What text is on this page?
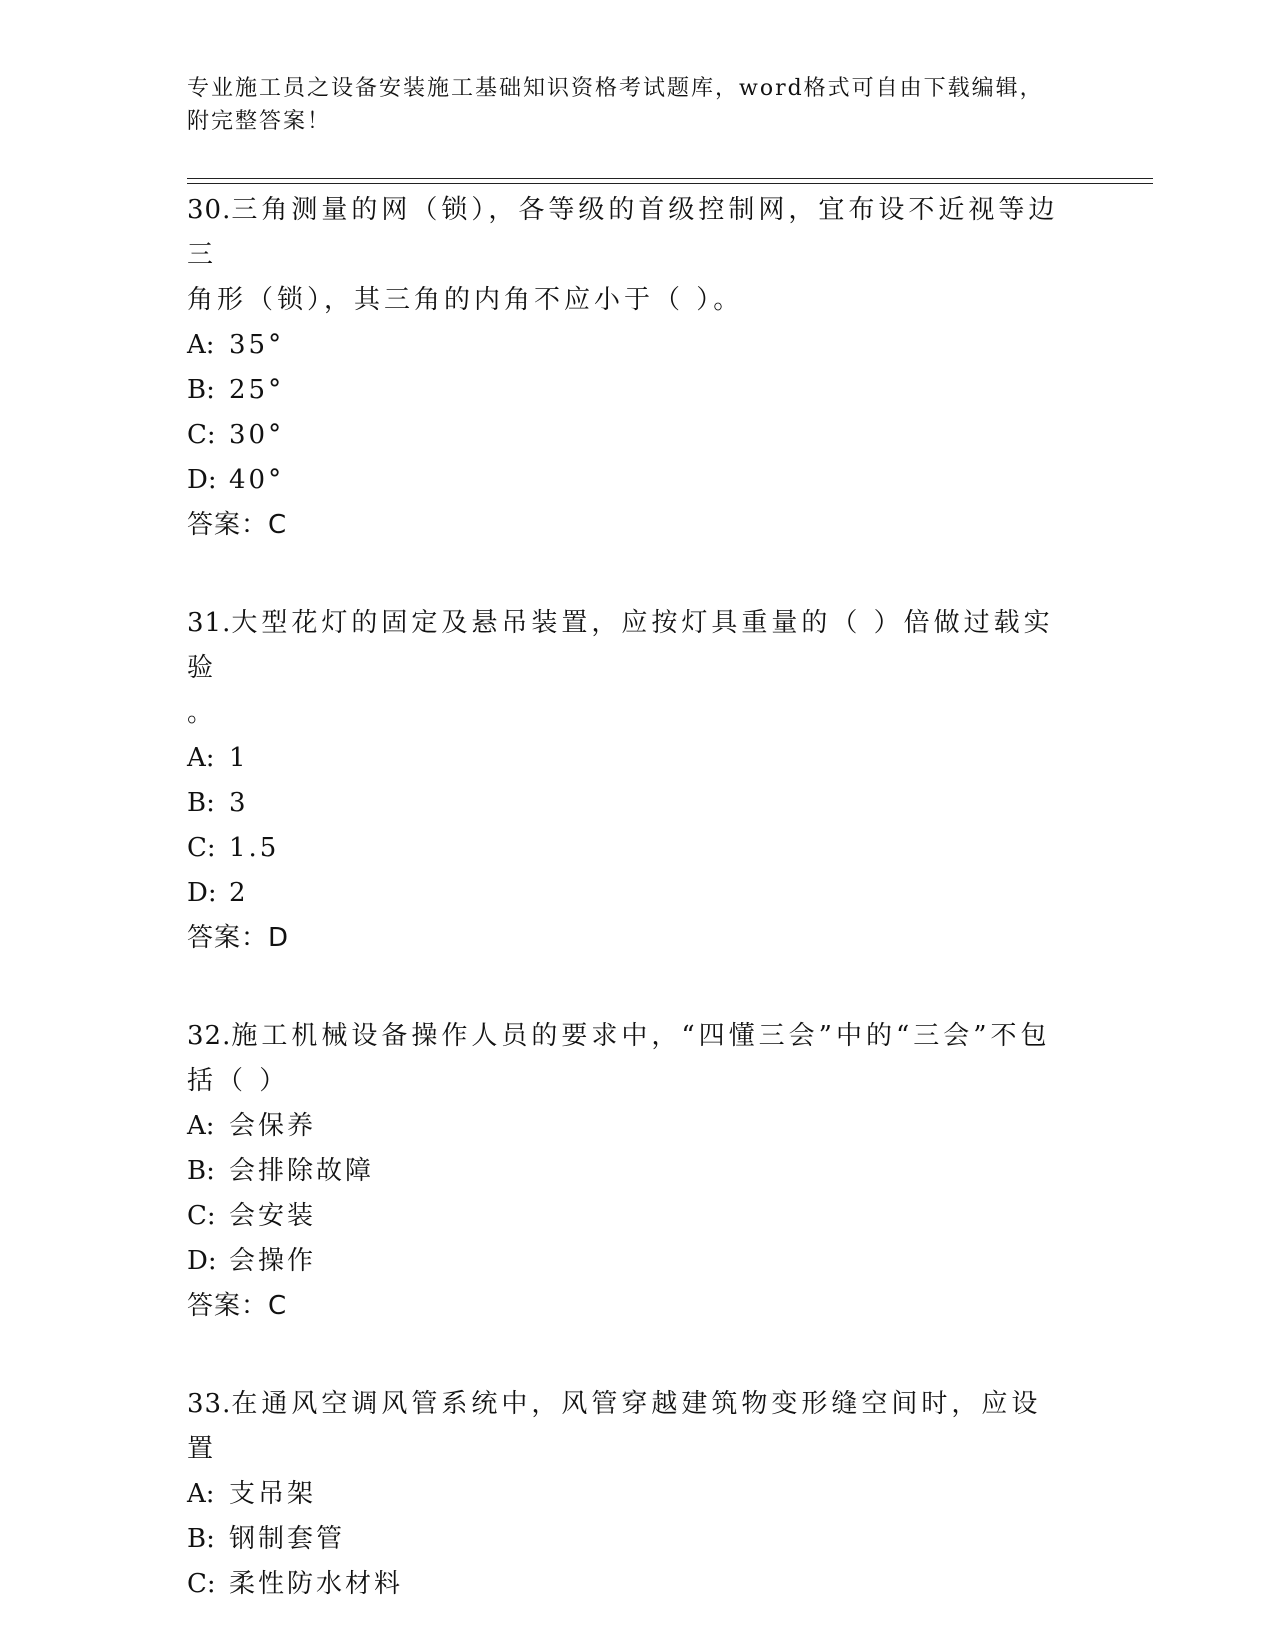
专业施工员之设备安装施工基础知识资格考试题库，word格式可自由下载编辑，
附完整答案！
30.三角测量的网（锁），各等级的首级控制网，宜布设不近视等边三
角形（锁），其三角的内角不应小于（ ）。
A: 35°
B: 25°
C: 30°
D: 40°
答案：C
31.大型花灯的固定及悬吊装置，应按灯具重量的（ ）倍做过载实验
。
A: 1
B: 3
C: 1.5
D: 2
答案：D
32.施工机械设备操作人员的要求中，“四懂三会”中的“三会”不包
括（ ）
A: 会保养
B: 会排除故障
C: 会安装
D: 会操作
答案：C
33.在通风空调风管系统中，风管穿越建筑物变形缝空间时，应设置
A: 支吊架
B: 钢制套管
C: 柔性防水材料
